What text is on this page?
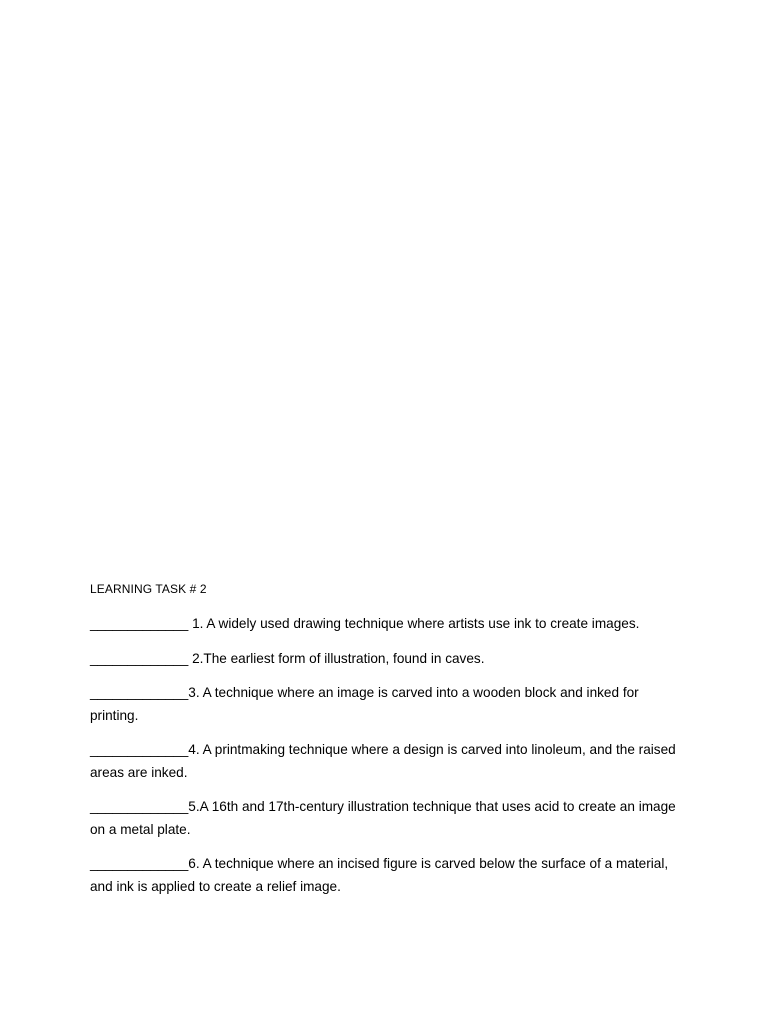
LEARNING TASK # 2
_____________ 1. A widely used drawing technique where artists use ink to create images.
_____________ 2.The earliest form of illustration, found in caves.
_____________3. A technique where an image is carved into a wooden block and inked for printing.
_____________4. A printmaking technique where a design is carved into linoleum, and the raised areas are inked.
_____________5.A 16th and 17th-century illustration technique that uses acid to create an image on a metal plate.
_____________6. A technique where an incised figure is carved below the surface of a material, and ink is applied to create a relief image.
